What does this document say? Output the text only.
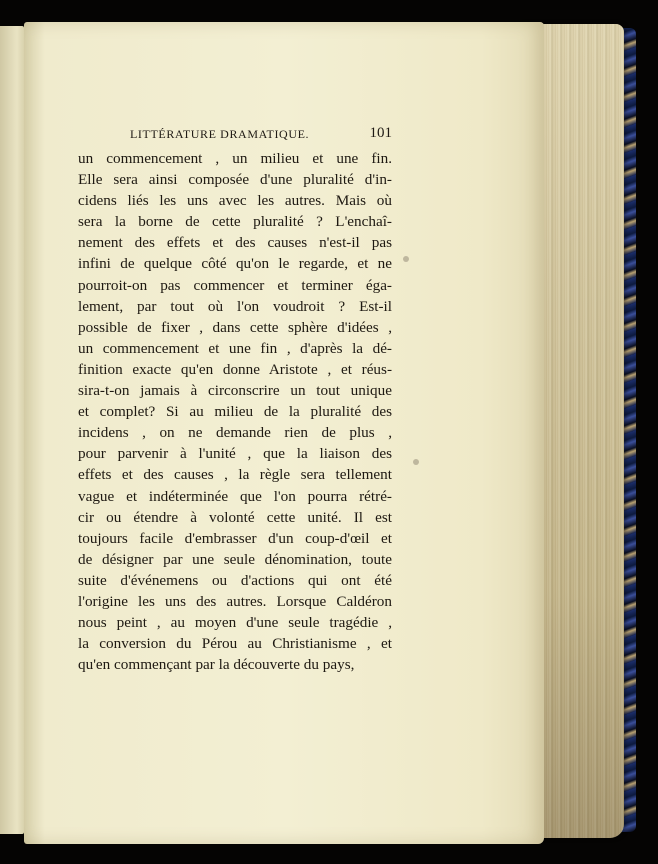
LITTÉRATURE DRAMATIQUE.	101
un commencement , un milieu et une fin.
Elle sera ainsi composée d'une pluralité d'in-
cidens liés les uns avec les autres. Mais où
sera la borne de cette pluralité ? L'enchaî-
nement des effets et des causes n'est-il pas
infini de quelque côté qu'on le regarde, et ne
pourroit-on pas commencer et terminer éga-
lement, par tout où l'on voudroit ? Est-il
possible de fixer , dans cette sphère d'idées ,
un commencement et une fin , d'après la dé-
finition exacte qu'en donne Aristote , et réus-
sira-t-on jamais à circonscrire un tout unique
et complet? Si au milieu de la pluralité des
incidens , on ne demande rien de plus ,
pour parvenir à l'unité , que la liaison des
effets et des causes , la règle sera tellement
vague et indéterminée que l'on pourra rétré-
cir ou étendre à volonté cette unité. Il est
toujours facile d'embrasser d'un coup-d'œil et
de désigner par une seule dénomination, toute
suite d'événemens ou d'actions qui ont été
l'origine les uns des autres. Lorsque Caldéron
nous peint , au moyen d'une seule tragédie ,
la conversion du Pérou au Christianisme , et
qu'en commençant par la découverte du pays,
